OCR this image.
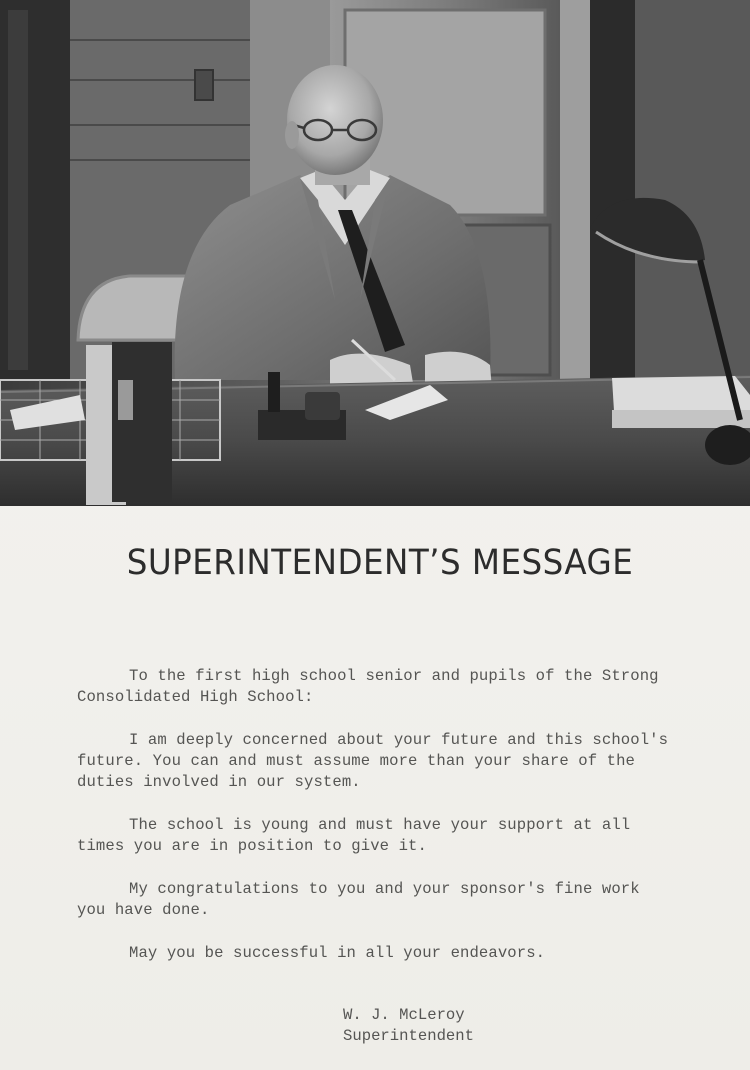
SUPERINTENDENT’S MESSAGE

To the first high school senior and pupils of the Strong Consolidated High School:

I am deeply concerned about your future and this school's future. You can and must assume more than your share of the duties involved in our system.

The school is young and must have your support at all times you are in position to give it.

My congratulations to you and your sponsor's fine work you have done.

May you be successful in all your endeavors.

W. J. McLeroy
Superintendent
